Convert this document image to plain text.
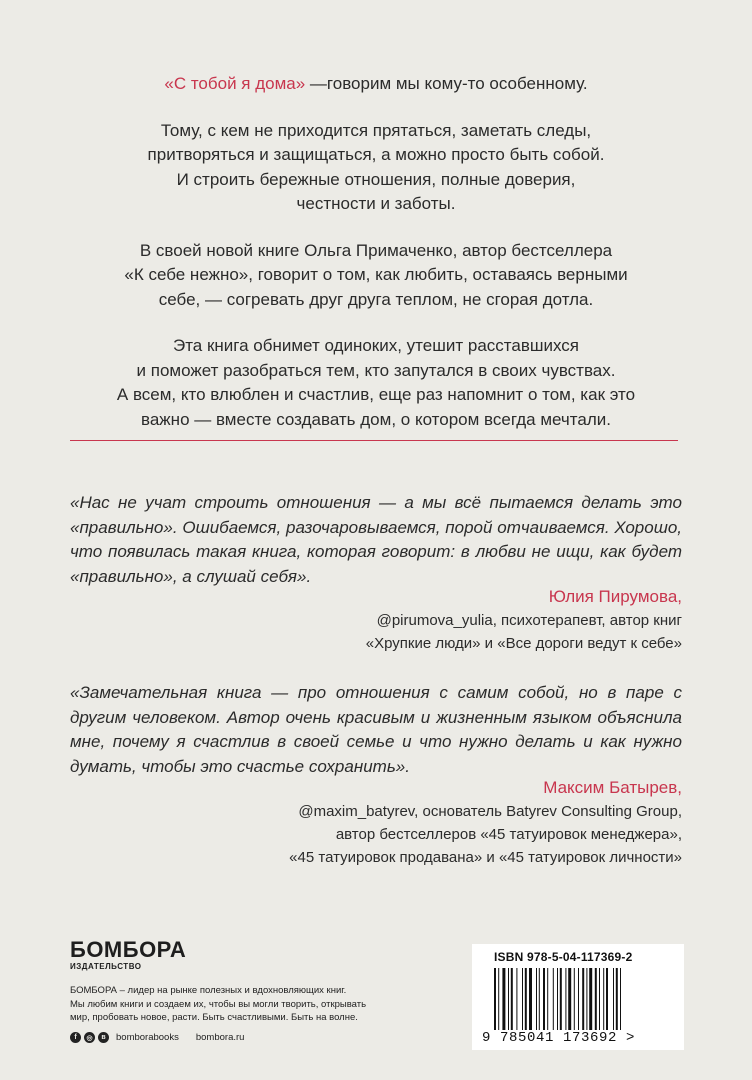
«С тобой я дома» —говорим мы кому-то особенному.

Тому, с кем не приходится прятаться, заметать следы,
притворяться и защищаться, а можно просто быть собой.
И строить бережные отношения, полные доверия,
честности и заботы.

В своей новой книге Ольга Примаченко, автор бестселлера
«К себе нежно», говорит о том, как любить, оставаясь верными
себе, — согревать друг друга теплом, не сгорая дотла.

Эта книга обнимет одиноких, утешит расставшихся
и поможет разобраться тем, кто запутался в своих чувствах.
А всем, кто влюблен и счастлив, еще раз напомнит о том, как это
важно — вместе создавать дом, о котором всегда мечтали.

«Нас не учат строить отношения — а мы всё пытаемся делать это «правильно». Ошибаемся, разочаровываемся, порой отчаиваемся. Хорошо, что появилась такая книга, которая говорит: в любви не ищи, как будет «правильно», а слушай себя».
Юлия Пирумова,
@pirumova_yulia, психотерапевт, автор книг
«Хрупкие люди» и «Все дороги ведут к себе»
«Замечательная книга — про отношения с самим собой, но в паре с другим человеком. Автор очень красивым и жизненным языком объяснила мне, почему я счастлив в своей семье и что нужно делать и как нужно думать, чтобы это счастье сохранить».
Максим Батырев,
@maxim_batyrev, основатель Batyrev Consulting Group,
автор бестселлеров «45 татуировок менеджера»,
«45 татуировок продавана» и «45 татуировок личности»
БОМБОРА
ИЗДАТЕЛЬСТВО
БОМБОРА – лидер на рынке полезных и вдохновляющих книг.
Мы любим книги и создаем их, чтобы вы могли творить, открывать
мир, пробовать новое, расти. Быть счастливыми. Быть на волне.
f	◎	в	bomborabooks bombora.ru
ISBN 978-5-04-117369-2
9 785041 173692 >
